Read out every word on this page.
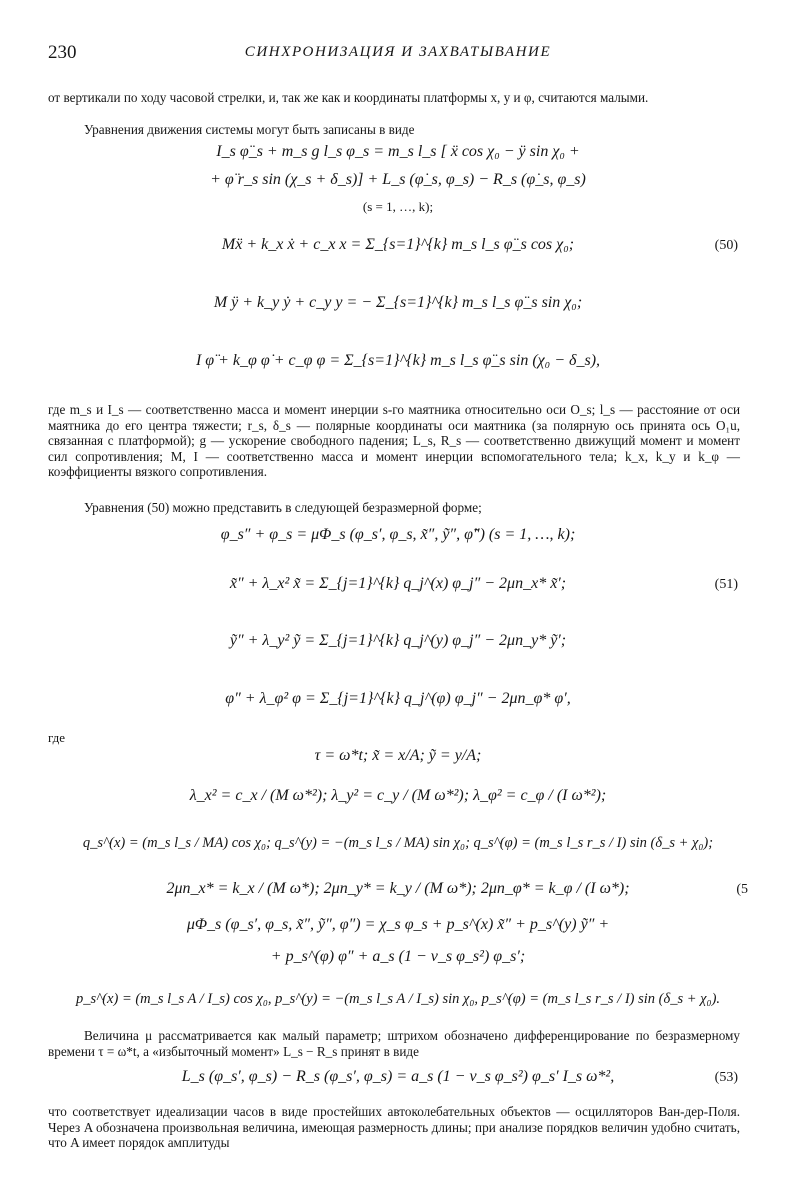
230	СИНХРОНИЗАЦИЯ И ЗАХВАТЫВАНИЕ

от вертикали по ходу часовой стрелки, и, так же как и координаты платформы x, y и φ, считаются малыми.

Уравнения движения системы могут быть записаны в виде

I_s φ̈_s + m_s g l_s φ_s = m_s l_s [ ẍ cos χ₀ − ÿ sin χ₀ +
+ φ̈ r_s sin (χ_s + δ_s)] + L_s (φ̇_s, φ_s) − R_s (φ̇_s, φ_s)
(s = 1, …, k);
Mẍ + k_x ẋ + c_x x = Σ_{s=1}^{k} m_s l_s φ̈_s cos χ₀;	(50)
M ÿ + k_y ẏ + c_y y = − Σ_{s=1}^{k} m_s l_s φ̈_s sin χ₀;
I φ̈ + k_φ φ̇ + c_φ φ = Σ_{s=1}^{k} m_s l_s φ̈_s sin (χ₀ − δ_s),

где m_s и I_s — соответственно масса и момент инерции s-го маятника относительно оси O_s; l_s — расстояние от оси маятника до его центра тяжести; r_s, δ_s — полярные координаты оси маятника (за полярную ось принята ось O₁u, связанная с платформой); g — ускорение свободного падения; L_s, R_s — соответственно движущий момент и момент сил сопротивления; M, I — соответственно масса и момент инерции вспомогательного тела; k_x, k_y и k_φ — коэффициенты вязкого сопротивления.

Уравнения (50) можно представить в следующей безразмерной форме;

φ_s″ + φ_s = μΦ_s (φ_s′, φ_s, x̃″, ỹ″, φ̃″) (s = 1, …, k);
x̃″ + λ_x² x̃ = Σ_{j=1}^{k} q_j^(x) φ_j″ − 2μn_x* x̃′;	(51)
ỹ″ + λ_y² ỹ = Σ_{j=1}^{k} q_j^(y) φ_j″ − 2μn_y* ỹ′;
φ″ + λ_φ² φ = Σ_{j=1}^{k} q_j^(φ) φ_j″ − 2μn_φ* φ′,
где
τ = ω*t; x̃ = x/A; ỹ = y/A;
λ_x² = c_x / (M ω*²); λ_y² = c_y / (M ω*²); λ_φ² = c_φ / (I ω*²);
q_s^(x) = (m_s l_s / MA) cos χ₀; q_s^(y) = −(m_s l_s / MA) sin χ₀; q_s^(φ) = (m_s l_s r_s / I) sin (δ_s + χ₀);
2μn_x* = k_x / (M ω*); 2μn_y* = k_y / (M ω*); 2μn_φ* = k_φ / (I ω*);	(5
μΦ_s (φ_s′, φ_s, x̃″, ỹ″, φ″) = χ_s φ_s + p_s^(x) x̃″ + p_s^(y) ỹ″ +
+ p_s^(φ) φ″ + a_s (1 − ν_s φ_s²) φ_s′;
p_s^(x) = (m_s l_s A / I_s) cos χ₀, p_s^(y) = −(m_s l_s A / I_s) sin χ₀, p_s^(φ) = (m_s l_s r_s / I) sin (δ_s + χ₀).

Величина μ рассматривается как малый параметр; штрихом обозначено дифференцирование по безразмерному времени τ = ω*t, а «избыточный момент» L_s − R_s принят в виде

L_s (φ_s′, φ_s) − R_s (φ_s′, φ_s) = a_s (1 − ν_s φ_s²) φ_s′ I_s ω*²,	(53)

что соответствует идеализации часов в виде простейших автоколебательных объектов — осцилляторов Ван-дер-Поля. Через A обозначена произвольная величина, имеющая размерность длины; при анализе порядков величин удобно считать, что A имеет порядок амплитуды
